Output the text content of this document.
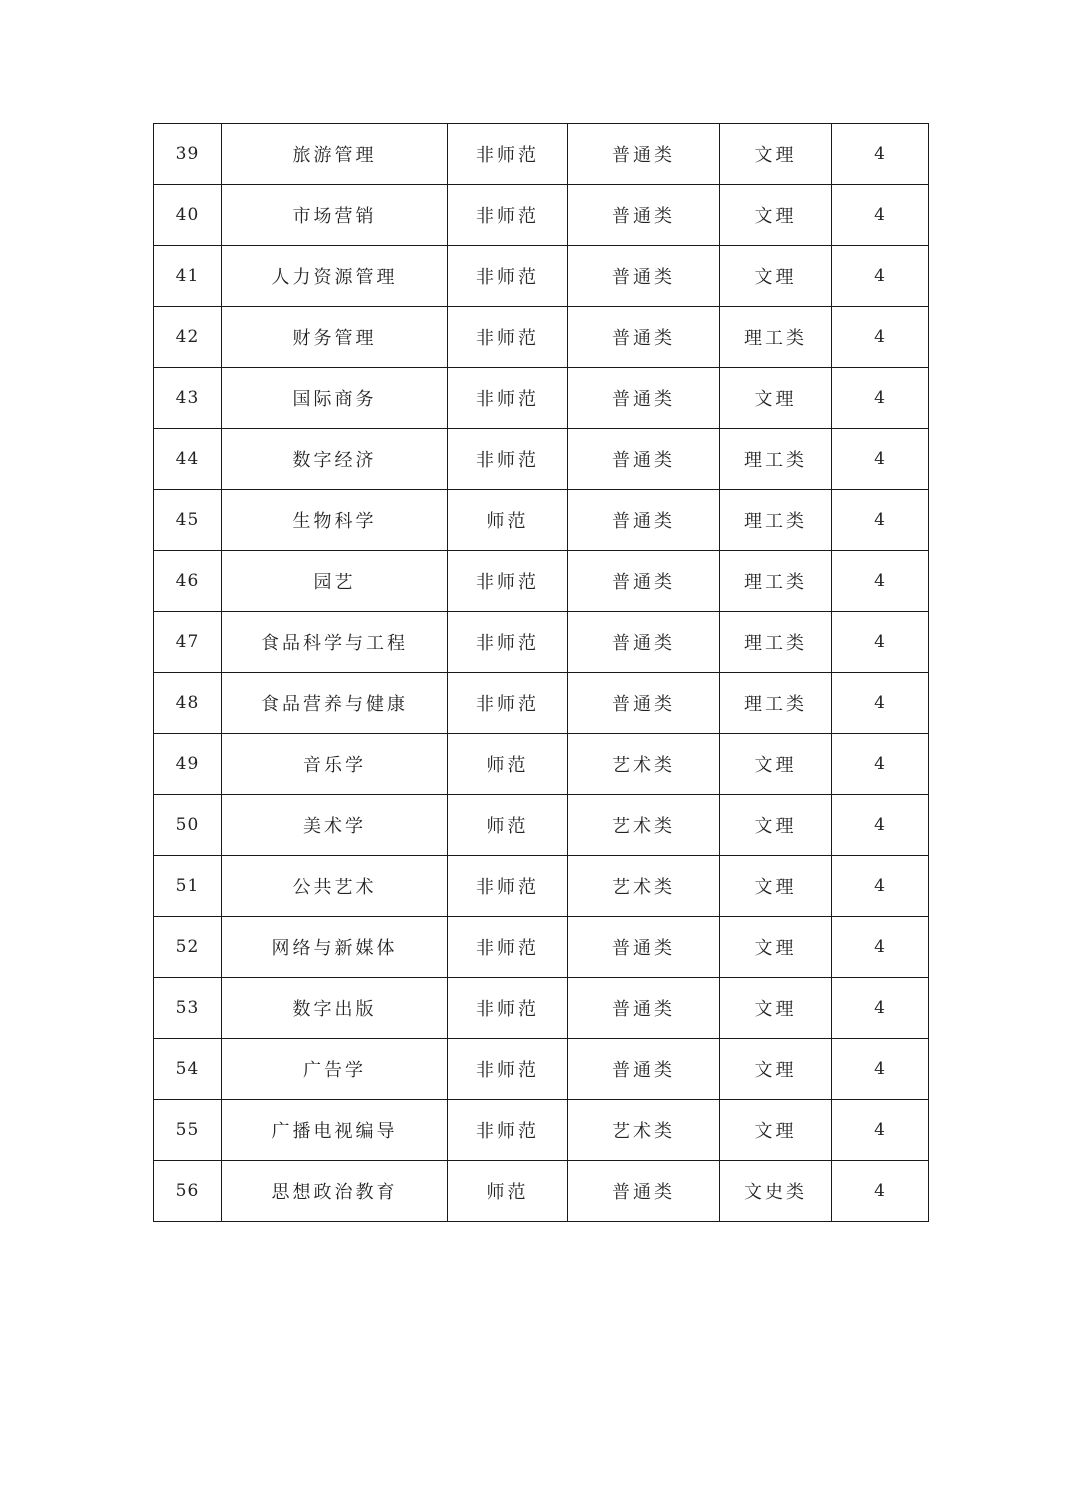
39	旅游管理	非师范	普通类	文理	4
40	市场营销	非师范	普通类	文理	4
41	人力资源管理	非师范	普通类	文理	4
42	财务管理	非师范	普通类	理工类	4
43	国际商务	非师范	普通类	文理	4
44	数字经济	非师范	普通类	理工类	4
45	生物科学	师范	普通类	理工类	4
46	园艺	非师范	普通类	理工类	4
47	食品科学与工程	非师范	普通类	理工类	4
48	食品营养与健康	非师范	普通类	理工类	4
49	音乐学	师范	艺术类	文理	4
50	美术学	师范	艺术类	文理	4
51	公共艺术	非师范	艺术类	文理	4
52	网络与新媒体	非师范	普通类	文理	4
53	数字出版	非师范	普通类	文理	4
54	广告学	非师范	普通类	文理	4
55	广播电视编导	非师范	艺术类	文理	4
56	思想政治教育	师范	普通类	文史类	4
